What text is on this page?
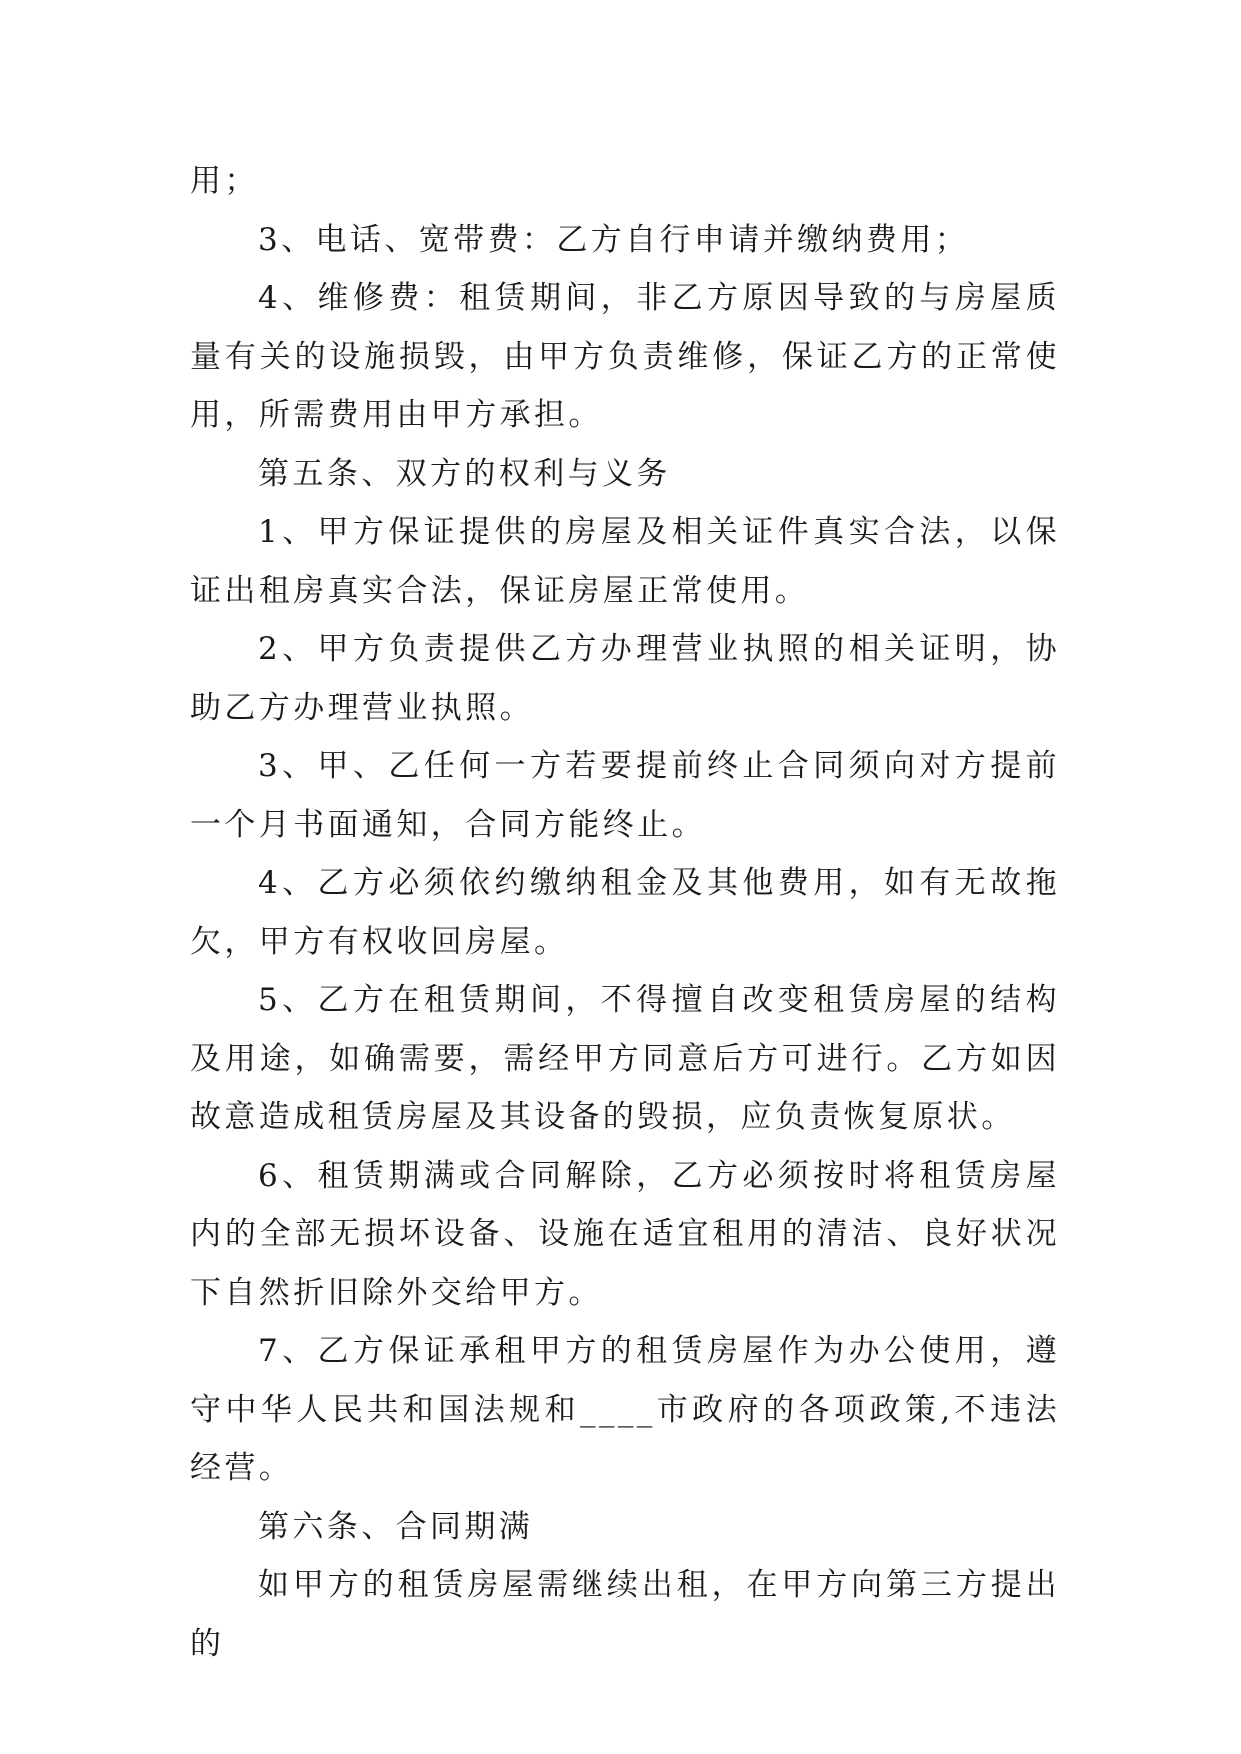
用；

3、电话、宽带费：乙方自行申请并缴纳费用；

4、维修费：租赁期间，非乙方原因导致的与房屋质量有关的设施损毁，由甲方负责维修，保证乙方的正常使用，所需费用由甲方承担。

第五条、双方的权利与义务

1、甲方保证提供的房屋及相关证件真实合法，以保证出租房真实合法，保证房屋正常使用。

2、甲方负责提供乙方办理营业执照的相关证明，协助乙方办理营业执照。

3、甲、乙任何一方若要提前终止合同须向对方提前一个月书面通知，合同方能终止。

4、乙方必须依约缴纳租金及其他费用，如有无故拖欠，甲方有权收回房屋。

5、乙方在租赁期间，不得擅自改变租赁房屋的结构及用途，如确需要，需经甲方同意后方可进行。乙方如因故意造成租赁房屋及其设备的毁损，应负责恢复原状。

6、租赁期满或合同解除，乙方必须按时将租赁房屋内的全部无损坏设备、设施在适宜租用的清洁、良好状况下自然折旧除外交给甲方。

7、乙方保证承租甲方的租赁房屋作为办公使用，遵守中华人民共和国法规和____市政府的各项政策,不违法经营。

第六条、合同期满

如甲方的租赁房屋需继续出租，在甲方向第三方提出的
